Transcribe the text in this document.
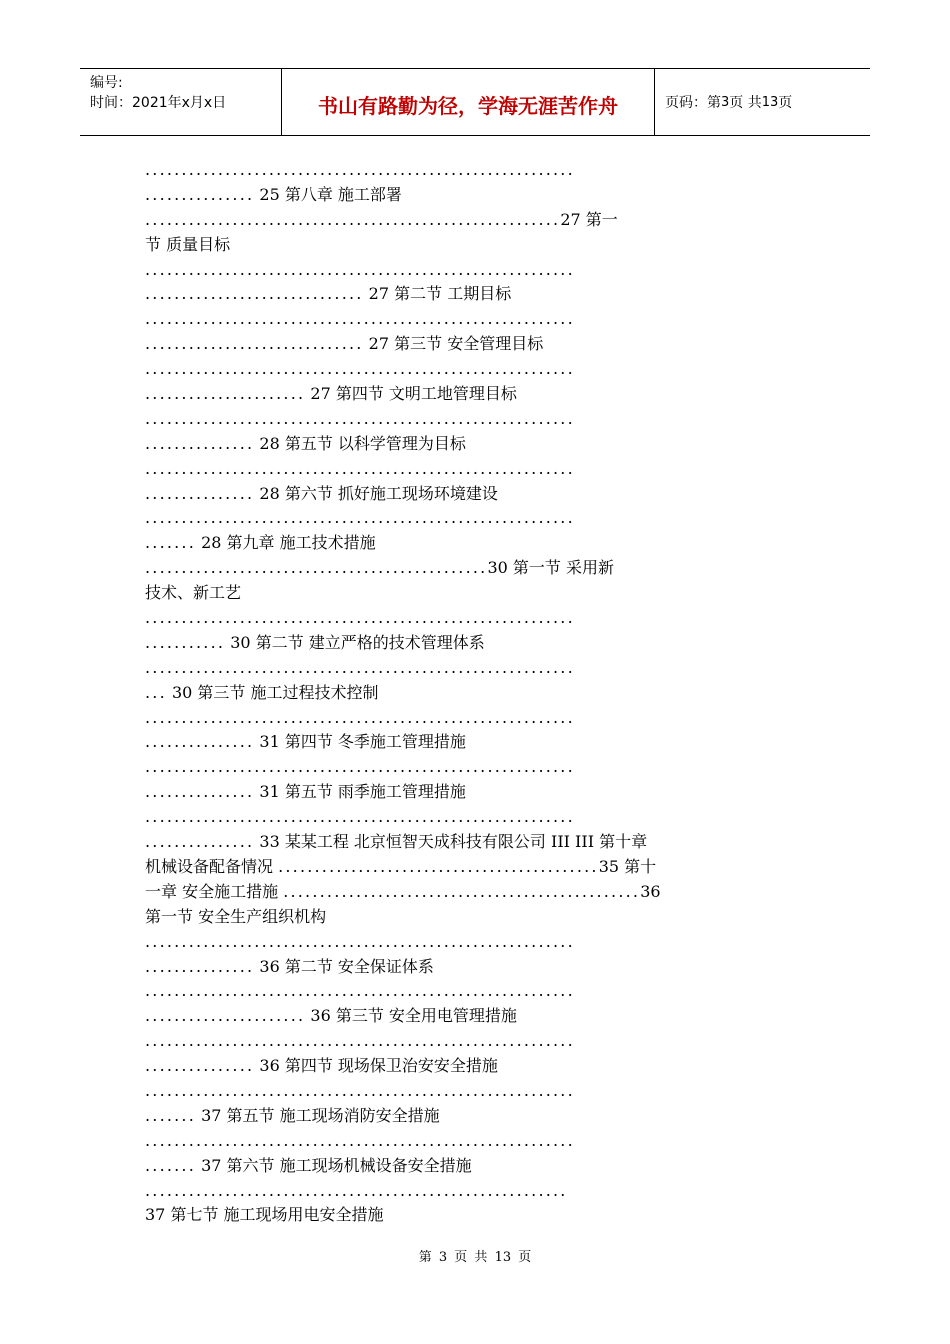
编号:
时间：2021年x月x日	书山有路勤为径，学海无涯苦作舟	页码：第 3 页 共 13 页
...........................................................
............... 25 第八章 施工部署
.........................................................27 第一
节 质量目标
...........................................................
.............................. 27 第二节 工期目标
...........................................................
.............................. 27 第三节 安全管理目标
...........................................................
...................... 27 第四节 文明工地管理目标
...........................................................
............... 28 第五节 以科学管理为目标
...........................................................
............... 28 第六节 抓好施工现场环境建设
...........................................................
....... 28 第九章 施工技术措施
...............................................30 第一节 采用新
技术、新工艺
...........................................................
........... 30 第二节 建立严格的技术管理体系
...........................................................
... 30 第三节 施工过程技术控制
...........................................................
............... 31 第四节 冬季施工管理措施
...........................................................
............... 31 第五节 雨季施工管理措施
...........................................................
............... 33 某某工程 北京恒智天成科技有限公司 III III 第十章
机械设备配备情况 ............................................35 第十
一章 安全施工措施 .................................................36
第一节 安全生产组织机构
...........................................................
............... 36 第二节 安全保证体系
...........................................................
...................... 36 第三节 安全用电管理措施
...........................................................
............... 36 第四节 现场保卫治安安全措施
...........................................................
....... 37 第五节 施工现场消防安全措施
...........................................................
....... 37 第六节 施工现场机械设备安全措施
..........................................................
37 第七节 施工现场用电安全措施
第 3 页 共 13 页
